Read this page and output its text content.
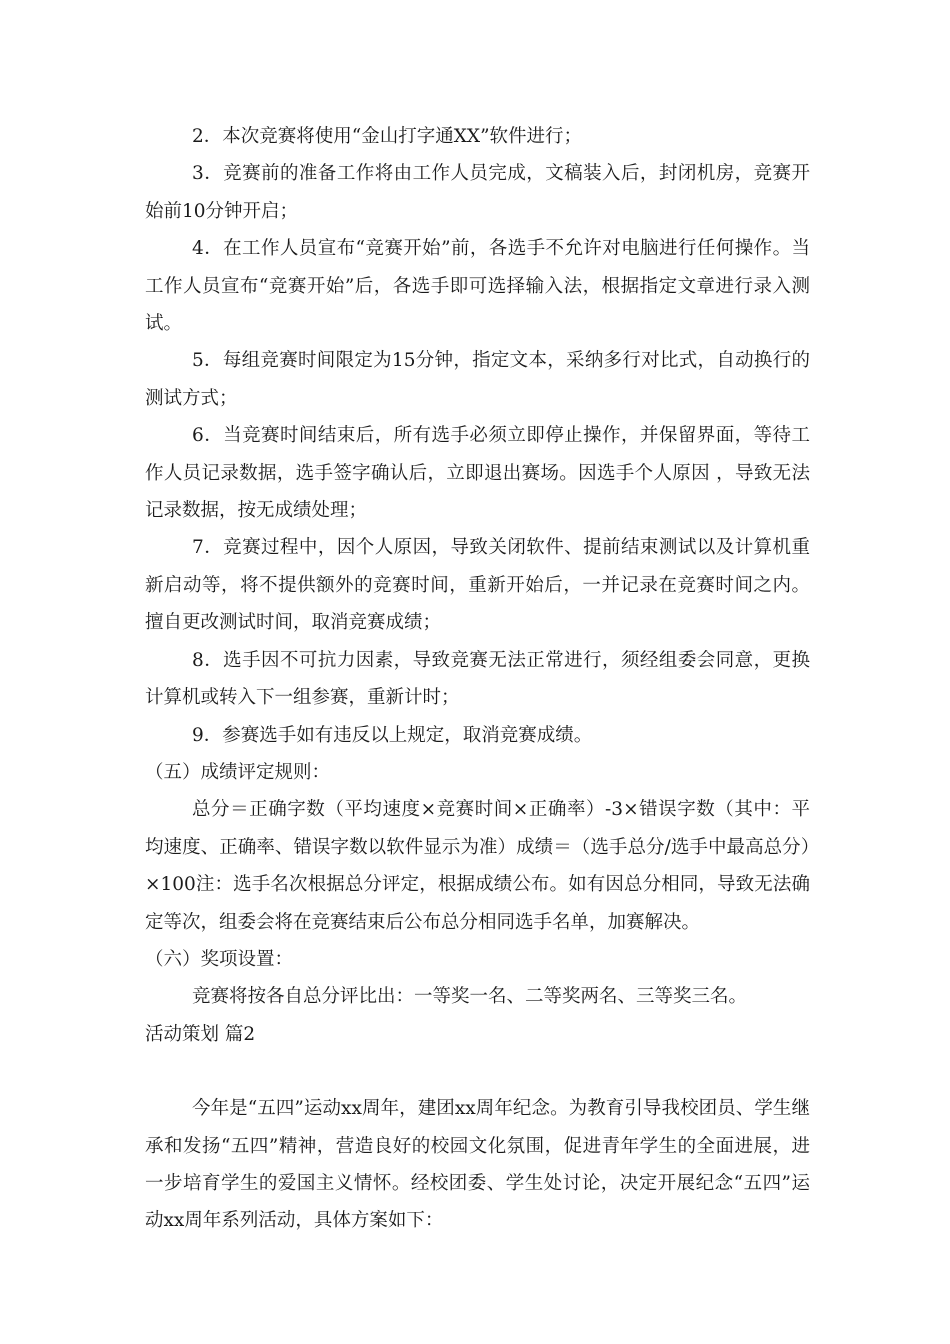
2．本次竞赛将使用“金山打字通XX”软件进行；

3．竞赛前的准备工作将由工作人员完成，文稿装入后，封闭机房，竞赛开始前10分钟开启；

4．在工作人员宣布“竞赛开始”前，各选手不允许对电脑进行任何操作。当工作人员宣布“竞赛开始”后，各选手即可选择输入法，根据指定文章进行录入测试。

5．每组竞赛时间限定为15分钟，指定文本，采纳多行对比式，自动换行的测试方式；

6．当竞赛时间结束后，所有选手必须立即停止操作，并保留界面，等待工作人员记录数据，选手签字确认后，立即退出赛场。因选手个人原因 ，导致无法记录数据，按无成绩处理；

7．竞赛过程中，因个人原因，导致关闭软件、提前结束测试以及计算机重新启动等，将不提供额外的竞赛时间，重新开始后，一并记录在竞赛时间之内。擅自更改测试时间，取消竞赛成绩；

8．选手因不可抗力因素，导致竞赛无法正常进行，须经组委会同意，更换计算机或转入下一组参赛，重新计时；

9．参赛选手如有违反以上规定，取消竞赛成绩。

（五）成绩评定规则：

总分＝正确字数（平均速度×竞赛时间×正确率）-3×错误字数（其中：平均速度、正确率、错误字数以软件显示为准）成绩＝（选手总分/选手中最高总分）×100注：选手名次根据总分评定，根据成绩公布。如有因总分相同，导致无法确定等次，组委会将在竞赛结束后公布总分相同选手名单，加赛解决。

（六）奖项设置：

竞赛将按各自总分评比出：一等奖一名、二等奖两名、三等奖三名。

活动策划 篇2

今年是“五四”运动xx周年，建团xx周年纪念。为教育引导我校团员、学生继承和发扬“五四”精神，营造良好的校园文化氛围，促进青年学生的全面进展，进一步培育学生的爱国主义情怀。经校团委、学生处讨论，决定开展纪念“五四”运动xx周年系列活动，具体方案如下：
